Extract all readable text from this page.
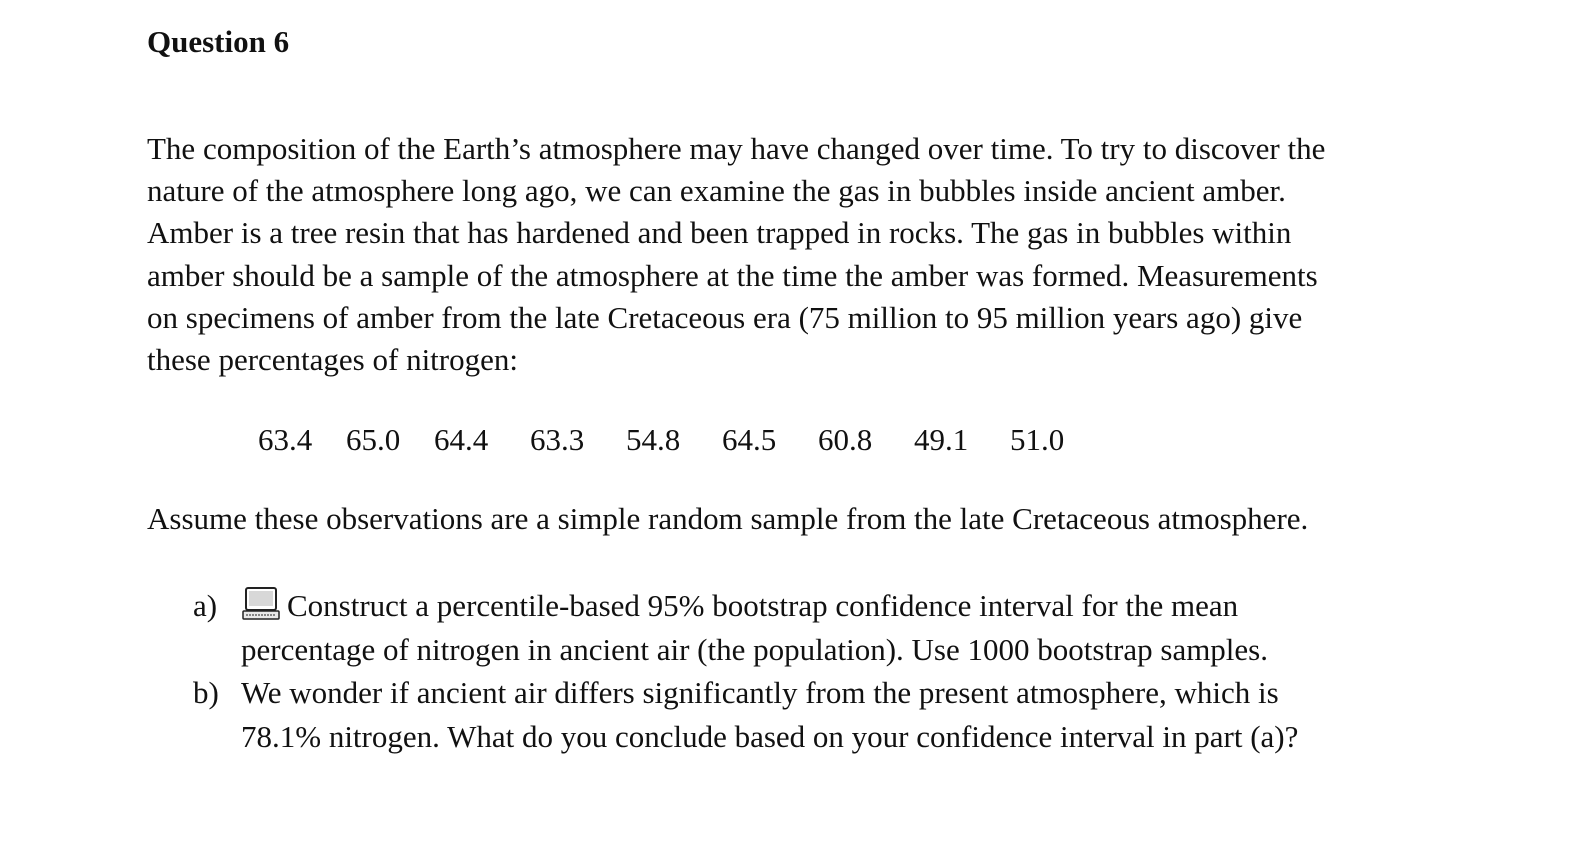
Question 6
The composition of the Earth’s atmosphere may have changed over time. To try to discover the
nature of the atmosphere long ago, we can examine the gas in bubbles inside ancient amber.
Amber is a tree resin that has hardened and been trapped in rocks. The gas in bubbles within
amber should be a sample of the atmosphere at the time the amber was formed. Measurements
on specimens of amber from the late Cretaceous era (75 million to 95 million years ago) give
these percentages of nitrogen:
63.4 65.0 64.4 63.3 54.8 64.5 60.8 49.1 51.0
Assume these observations are a simple random sample from the late Cretaceous atmosphere.
a)	Construct a percentile-based 95% bootstrap confidence interval for the mean
percentage of nitrogen in ancient air (the population). Use 1000 bootstrap samples.
b) We wonder if ancient air differs significantly from the present atmosphere, which is
78.1% nitrogen. What do you conclude based on your confidence interval in part (a)?
